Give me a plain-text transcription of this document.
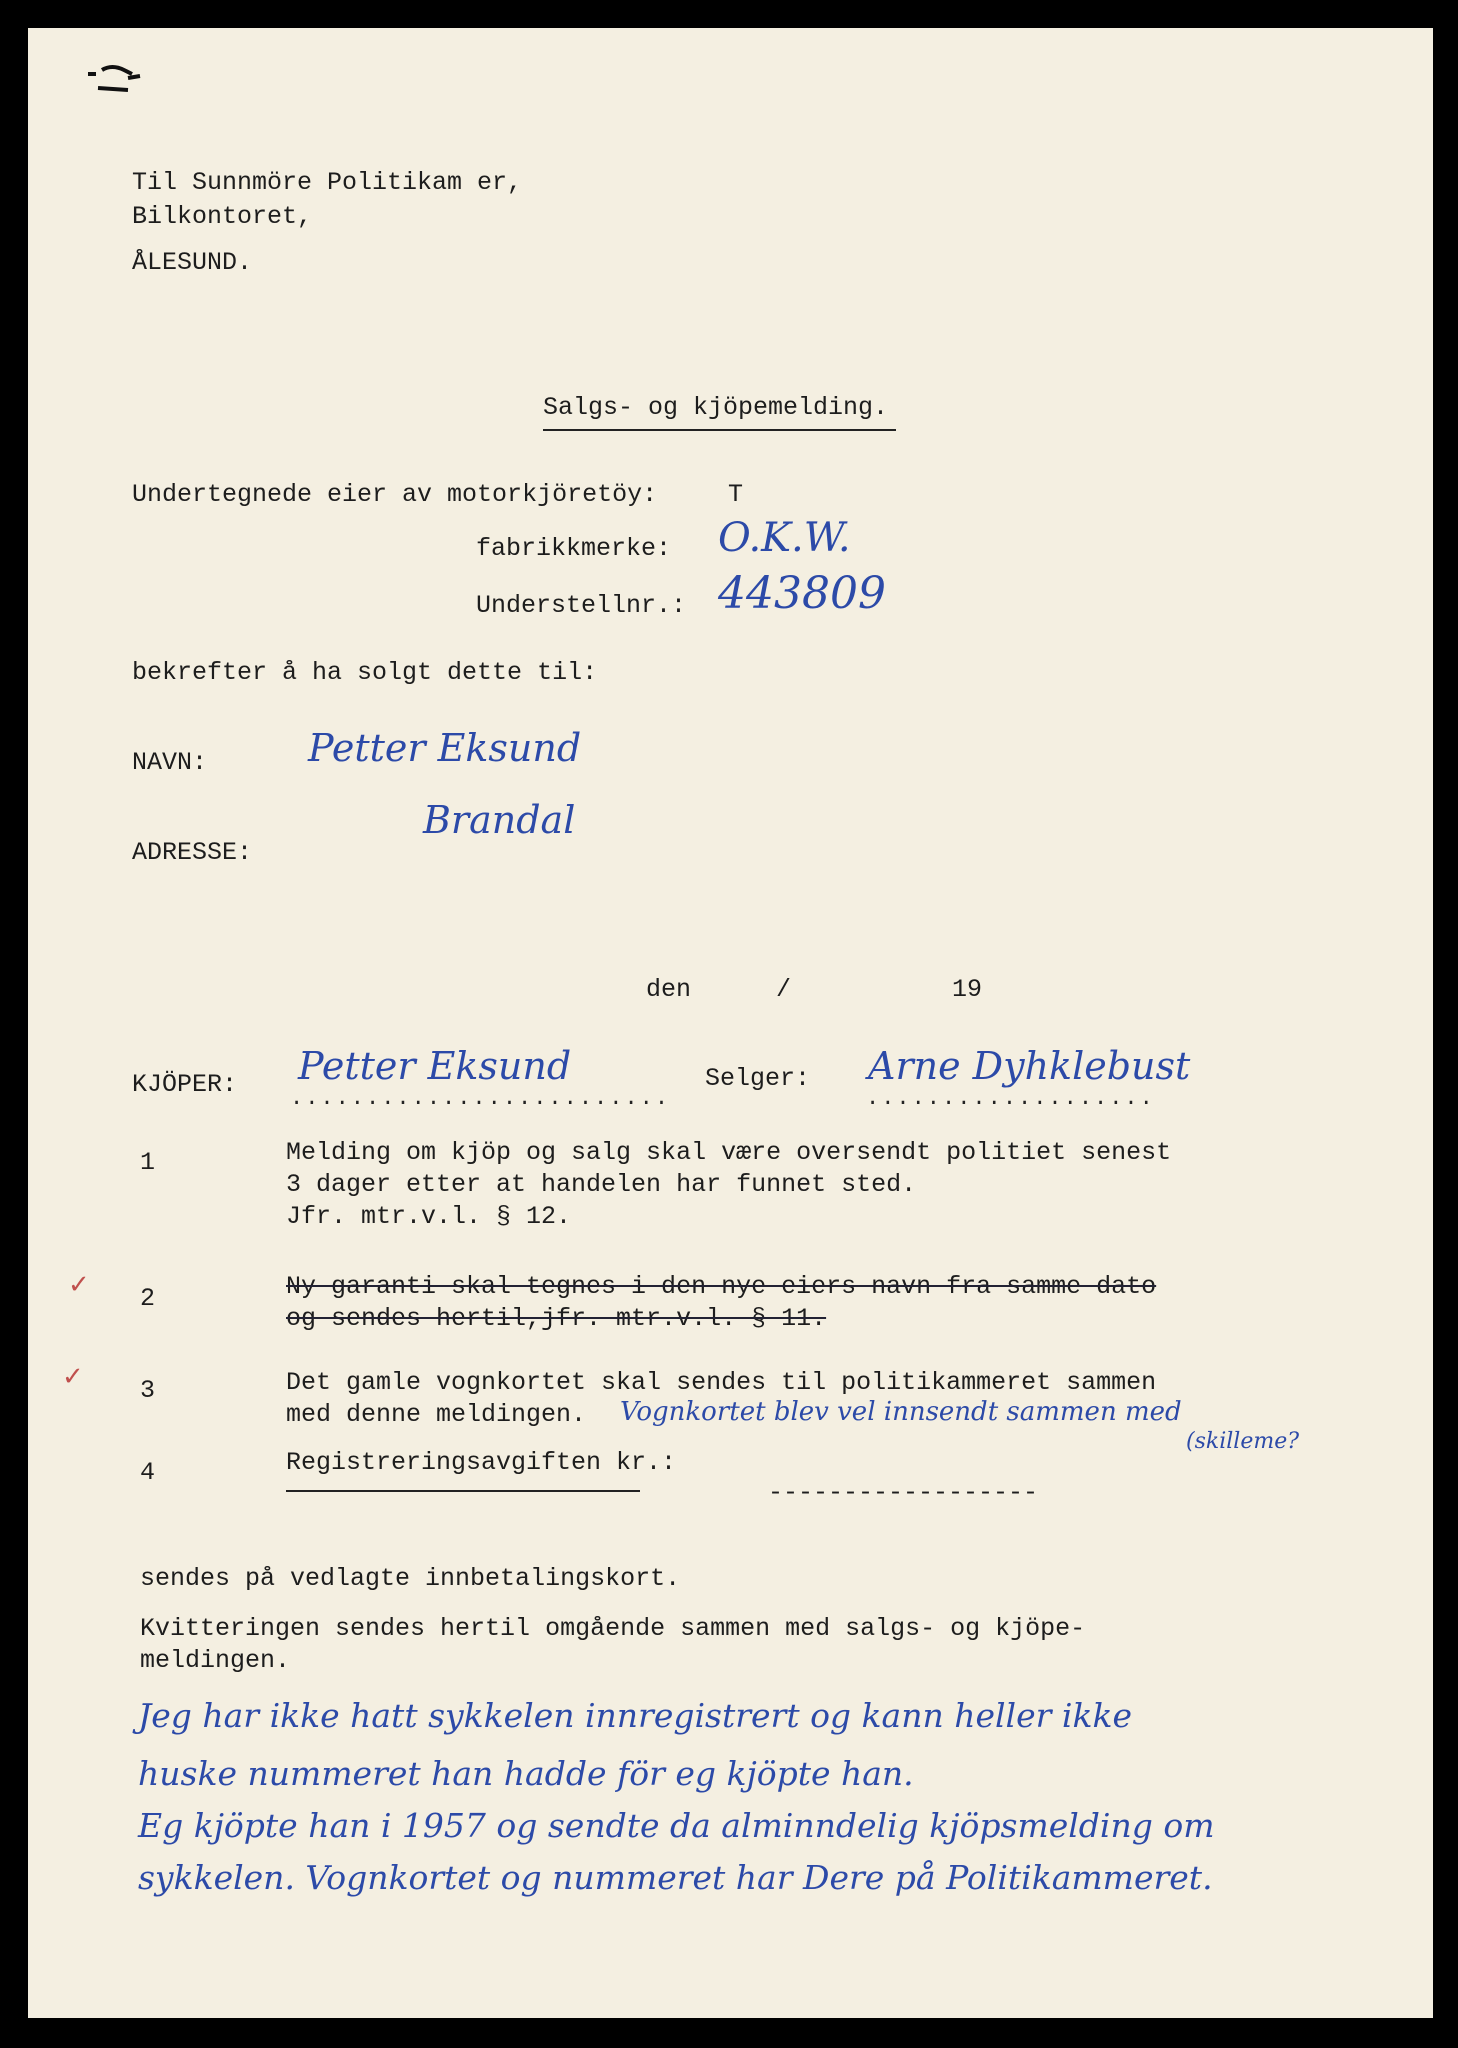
Til Sunnmöre Politikam er,
Bilkontoret,
ÅLESUND.
Salgs- og kjöpemelding.
Undertegnede eier av motorkjöretöy:	T
fabrikkmerke: O.K.W.
Understellnr.: 443809
bekrefter å ha solgt dette til:
NAVN:	Petter Eksund
ADRESSE:
Brandal
den	/	19
KJÖPER: Petter Eksund
.........................
Selger: Arne Dyhklebust
...................
1	Melding om kjöp og salg skal være oversendt politiet senest
3 dager etter at handelen har funnet sted.
Jfr. mtr.v.l. § 12.
✓ 2	Ny garanti skal tegnes i den nye eiers navn fra samme dato
og sendes hertil,jfr. mtr.v.l. § 11.
✓ 3	Det gamle vognkortet skal sendes til politikammeret sammen
med denne meldingen. Vognkortet blev vel innsendt sammen med
(skilleme?
4	Registreringsavgiften kr.:
------------------
sendes på vedlagte innbetalingskort.
Kvitteringen sendes hertil omgående sammen med salgs- og kjöpe-
meldingen.
Jeg har ikke hatt sykkelen innregistrert og kann heller ikke
huske nummeret han hadde för eg kjöpte han.
Eg kjöpte han i 1957 og sendte da alminndelig kjöpsmelding om
sykkelen. Vognkortet og nummeret har Dere på Politikammeret.
